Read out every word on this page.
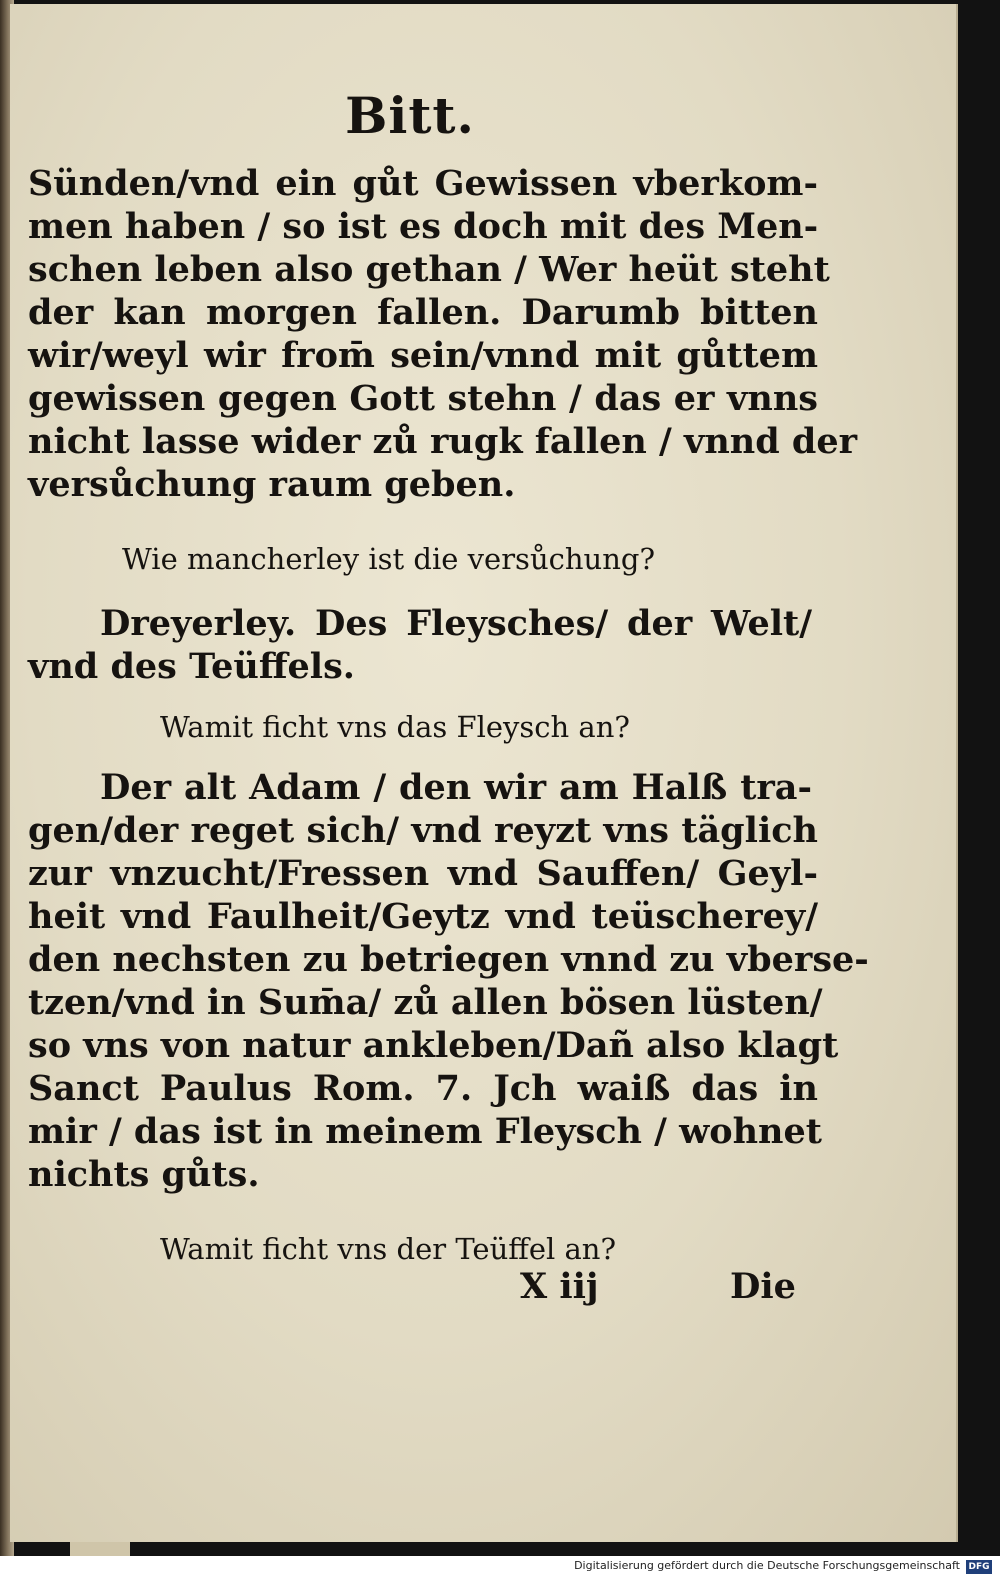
Bitt.

Sünden/vnd ein gůt Gewissen vberkom-
men haben / so ist es doch mit des Men-
schen leben also gethan / Wer heüt steht
der kan morgen fallen. Darumb bitten
wir/weyl wir from̄ sein/vnnd mit gůttem
gewissen gegen Gott stehn / das er vnns
nicht lasse wider zů rugk fallen / vnnd der
versůchung raum geben.

Wie mancherley ist die versůchung?

Dreyerley. Des Fleysches/ der Welt/

vnd des Teüffels.

Wamit ficht vns das Fleysch an?

Der alt Adam / den wir am Halß tra-

gen/der reget sich/ vnd reyzt vns täglich
zur vnzucht/Fressen vnd Sauffen/ Geyl-
heit vnd Faulheit/Geytz vnd teüscherey/
den nechsten zu betriegen vnnd zu vberse-
tzen/vnd in Sum̄a/ zů allen bösen lüsten/
so vns von natur ankleben/Dañ also klagt
Sanct Paulus Rom. 7. Jch waiß das in
mir / das ist in meinem Fleysch / wohnet
nichts gůts.

Wamit ficht vns der Teüffel an?

X iij	Die
Digitalisierung gefördert durch die Deutsche Forschungsgemeinschaft DFG
